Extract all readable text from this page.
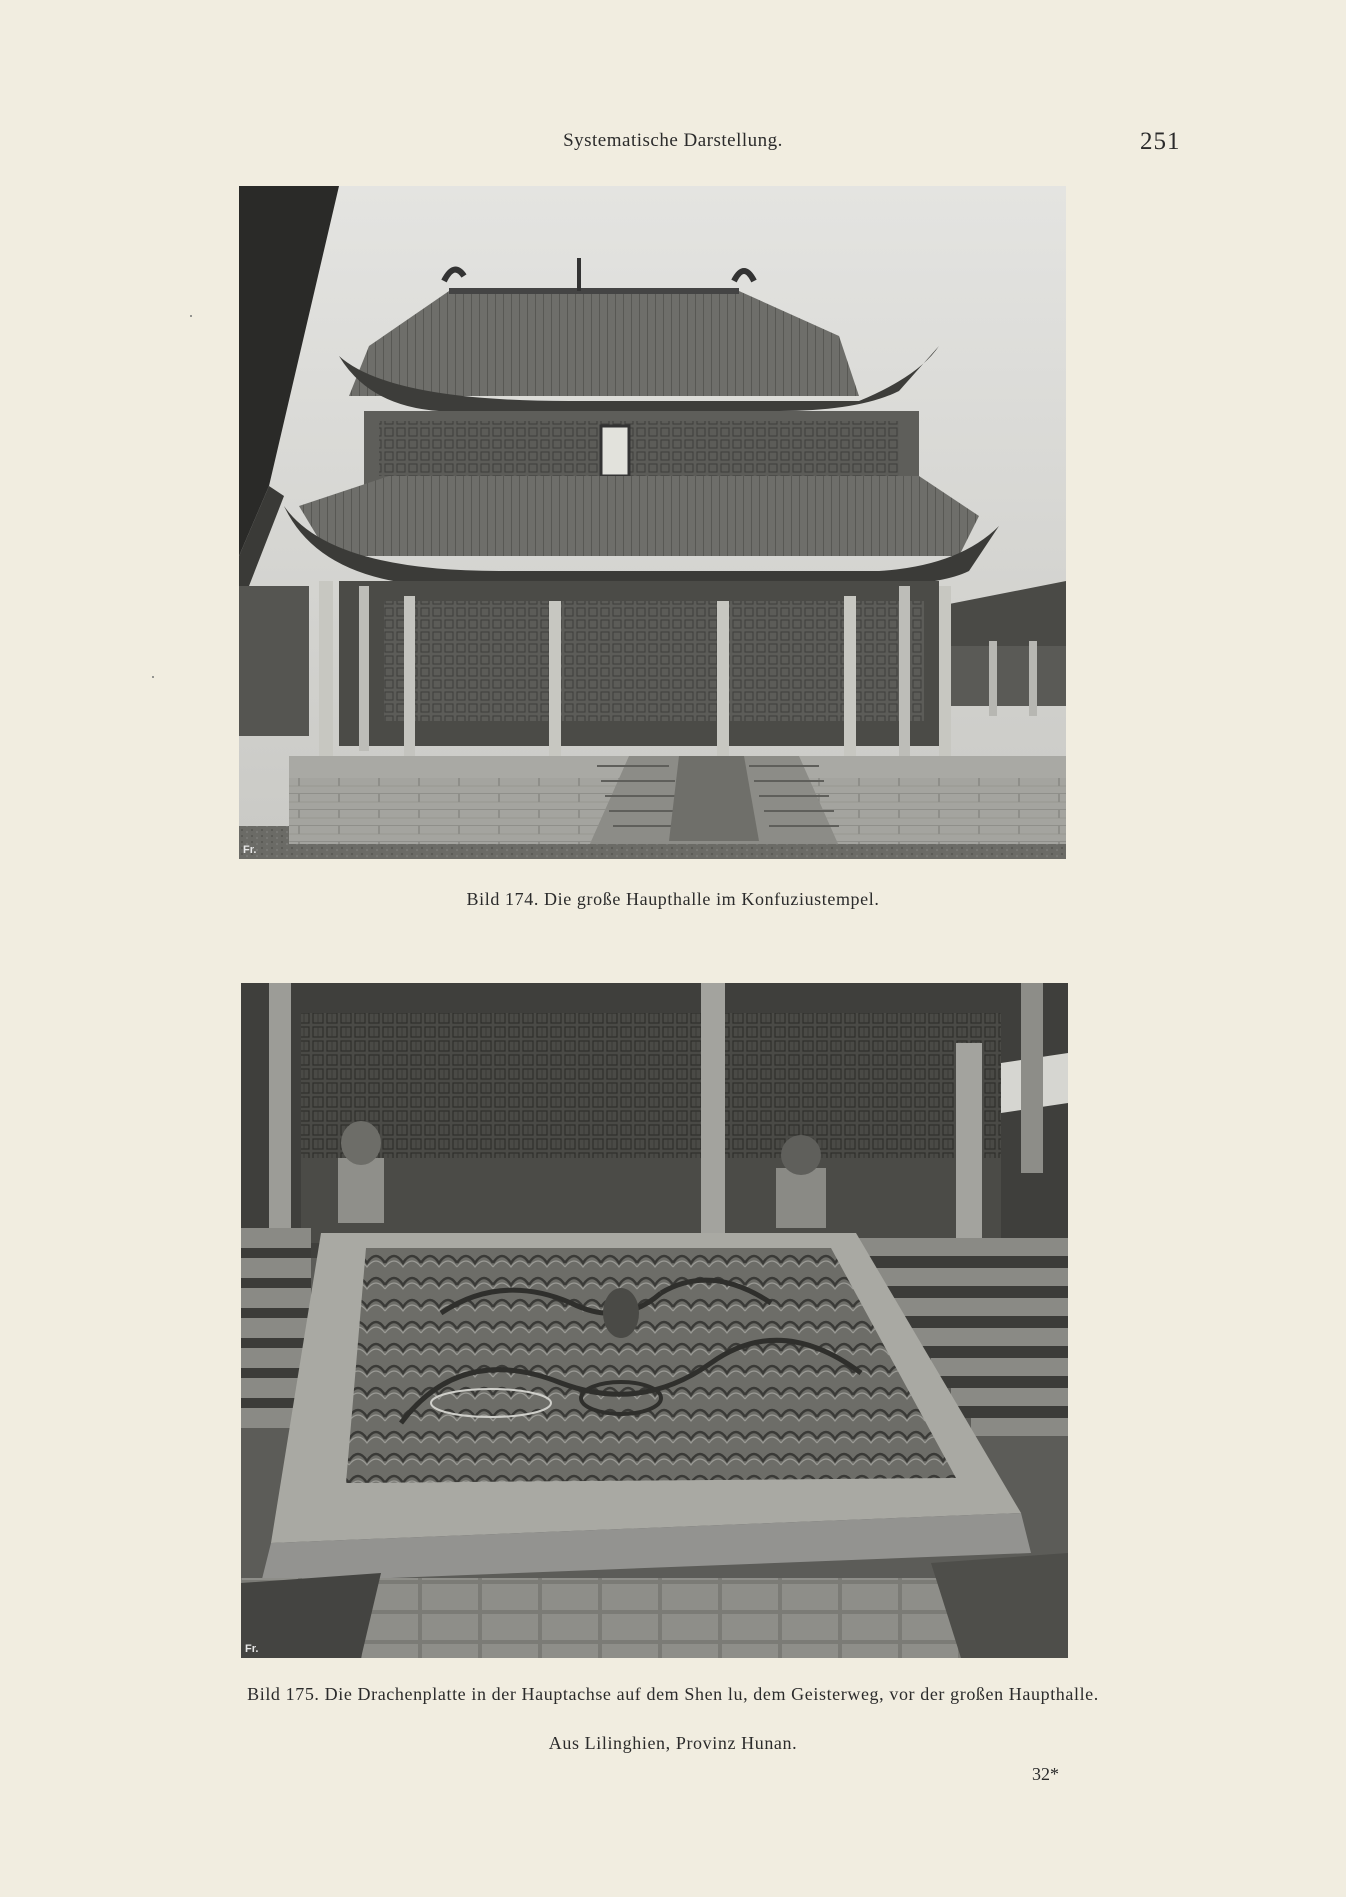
Systematische Darstellung.	251
Fr.
Bild 174. Die große Haupthalle im Konfuziustempel.
Fr.
Bild 175. Die Drachenplatte in der Hauptachse auf dem Shen lu, dem Geisterweg, vor der großen Haupthalle.
Aus Lilinghien, Provinz Hunan.
32*
